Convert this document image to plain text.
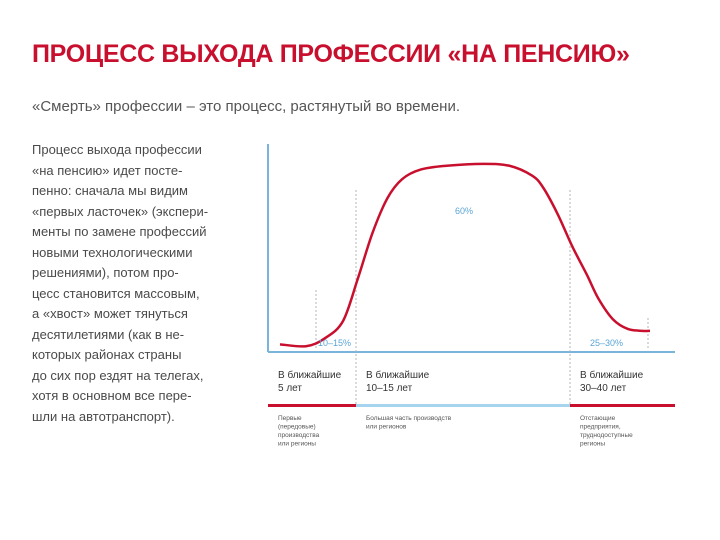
ПРОЦЕСС ВЫХОДА ПРОФЕССИИ «НА ПЕНСИЮ»
«Смерть» профессии – это процесс, растянутый во времени.
Процесс выхода профессии
«на пенсию» идет посте-
пенно: сначала мы видим
«первых ласточек» (экспери-
менты по замене профессий
новыми технологическими
решениями), потом про-
цесс становится массовым,
а «хвост» может тянуться
десятилетиями (как в не-
которых районах страны
до сих пор ездят на телегах,
хотя в основном все пере-
шли на автотранспорт).
10–15%
60%
25–30%
В ближайшие
5 лет
Первые
(передовые)
производства
или регионы
В ближайшие
10–15 лет
Большая часть производств
или регионов
В ближайшие
30–40 лет
Отстающие
предприятия,
труднодоступные
регионы
